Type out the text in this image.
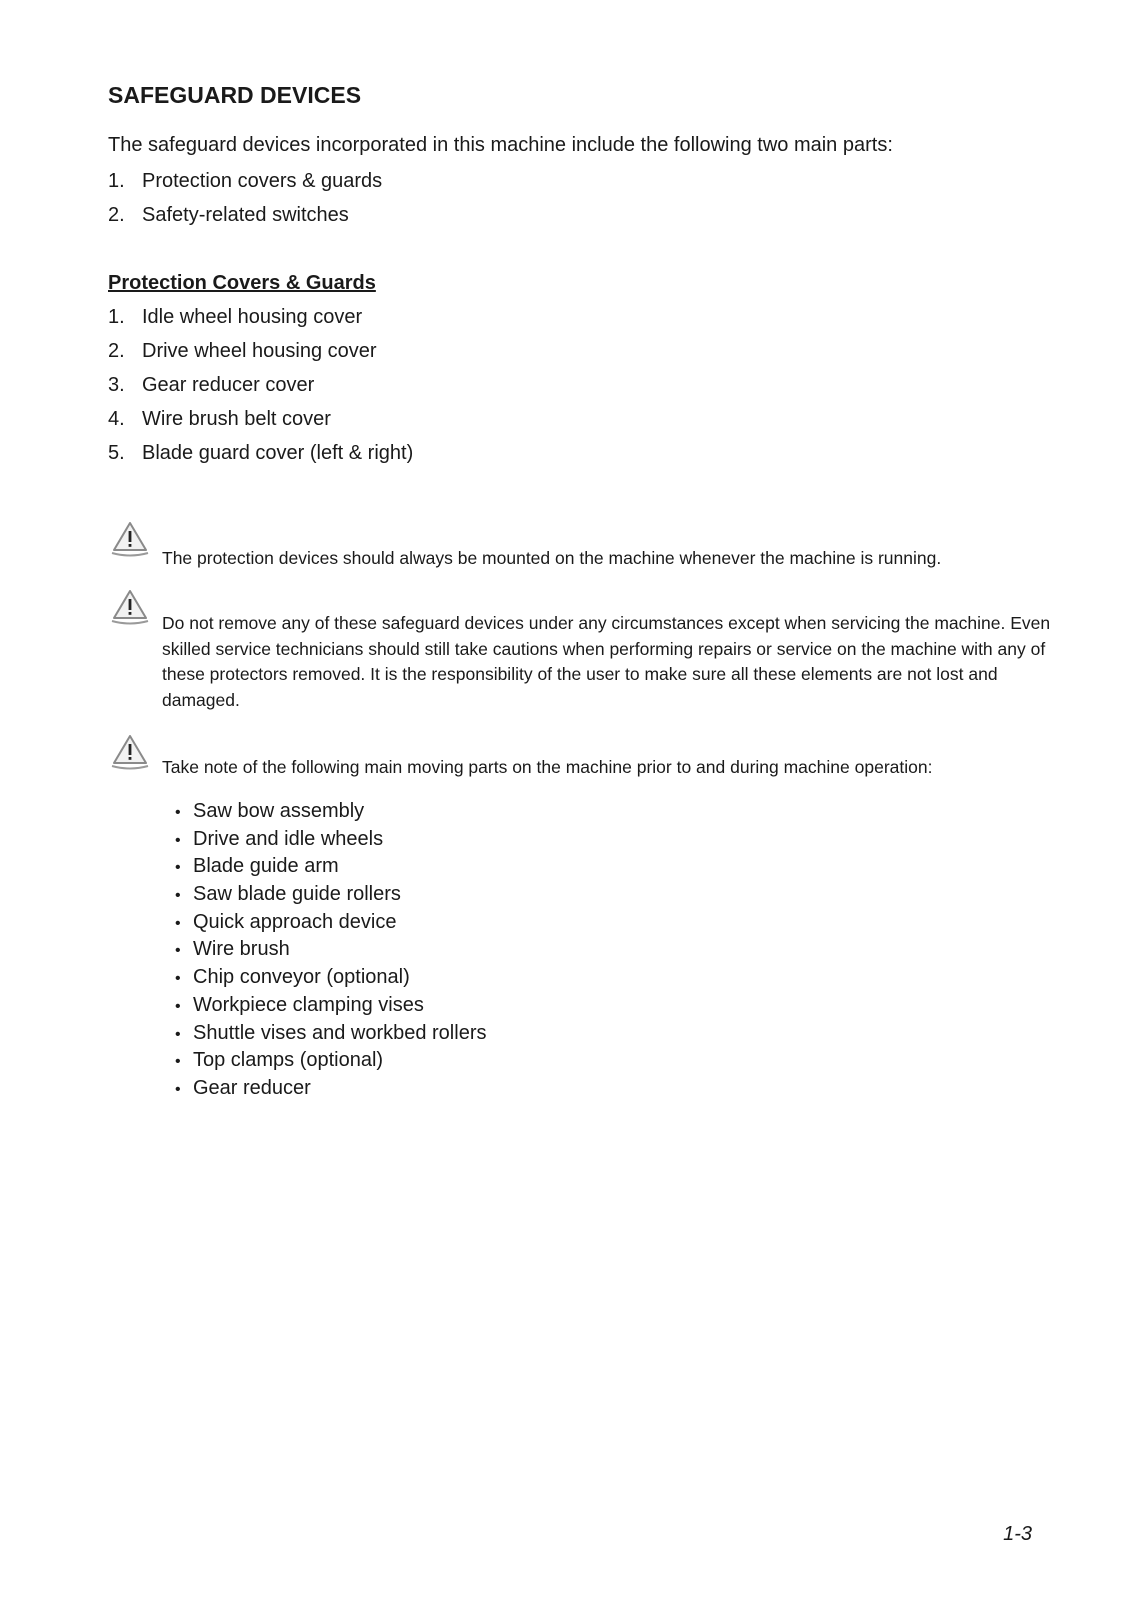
SAFEGUARD DEVICES

The safeguard devices incorporated in this machine include the following two main parts:

1. Protection covers & guards
2. Safety-related switches
Protection Covers & Guards
1. Idle wheel housing cover
2. Drive wheel housing cover
3. Gear reducer cover
4. Wire brush belt cover
5. Blade guard cover (left & right)

The protection devices should always be mounted on the machine whenever the machine is running.

Do not remove any of these safeguard devices under any circumstances except when servicing the machine. Even skilled service technicians should still take cautions when performing repairs or service on the machine with any of these protectors removed. It is the responsibility of the user to make sure all these elements are not lost and damaged.

Take note of the following main moving parts on the machine prior to and during machine operation:

• Saw bow assembly
• Drive and idle wheels
• Blade guide arm
• Saw blade guide rollers
• Quick approach device
• Wire brush
• Chip conveyor (optional)
• Workpiece clamping vises
• Shuttle vises and workbed rollers
• Top clamps (optional)
• Gear reducer
1-3
